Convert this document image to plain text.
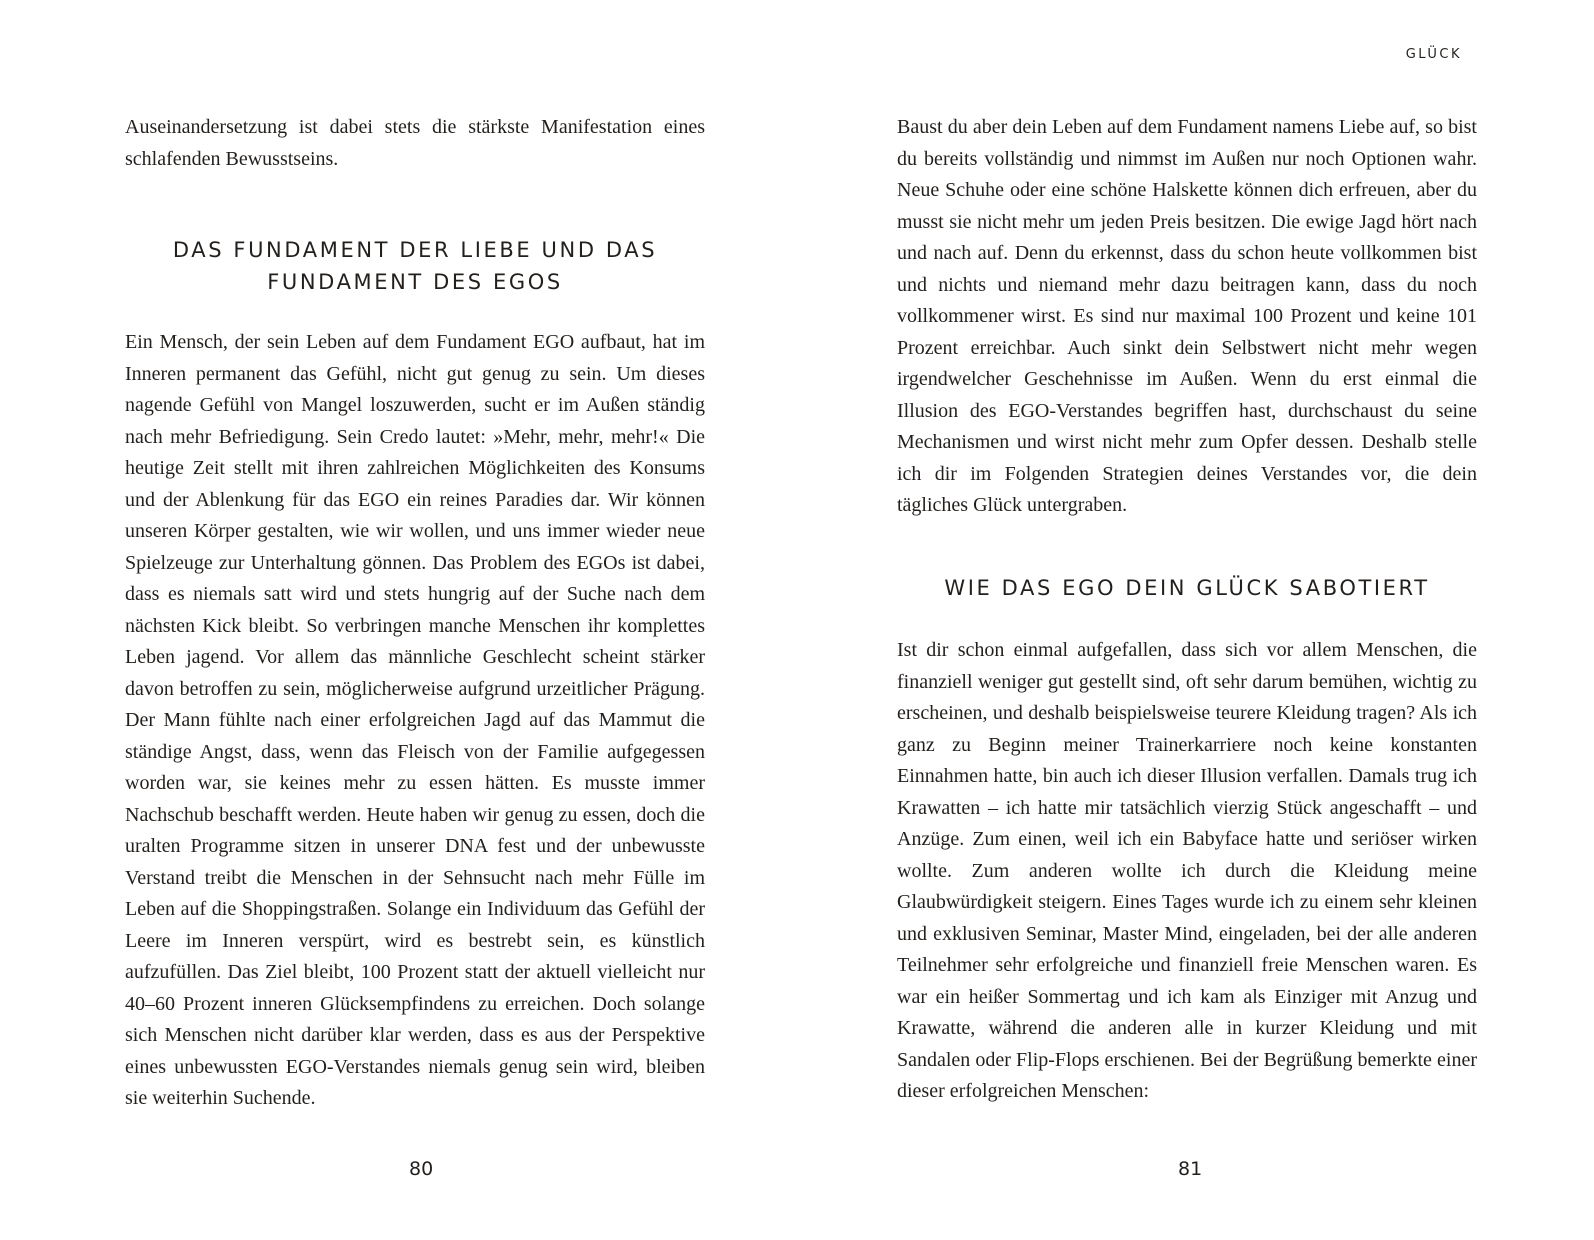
Auseinandersetzung ist dabei stets die stärkste Manifestation eines schlafenden Bewusstseins.

DAS FUNDAMENT DER LIEBE UND DAS
FUNDAMENT DES EGOS

Ein Mensch, der sein Leben auf dem Fundament EGO aufbaut, hat im Inneren permanent das Gefühl, nicht gut genug zu sein. Um dieses nagende Gefühl von Mangel loszuwerden, sucht er im Außen ständig nach mehr Befriedigung. Sein Credo lautet: »Mehr, mehr, mehr!« Die heutige Zeit stellt mit ihren zahlreichen Möglichkeiten des Konsums und der Ablenkung für das EGO ein reines Paradies dar. Wir können unseren Körper gestalten, wie wir wollen, und uns immer wieder neue Spielzeuge zur Unterhaltung gönnen. Das Problem des EGOs ist dabei, dass es niemals satt wird und stets hungrig auf der Suche nach dem nächsten Kick bleibt. So verbringen manche Menschen ihr komplettes Leben jagend. Vor allem das männliche Geschlecht scheint stärker davon betroffen zu sein, möglicherweise aufgrund urzeitlicher Prägung. Der Mann fühlte nach einer erfolgreichen Jagd auf das Mammut die ständige Angst, dass, wenn das Fleisch von der Familie aufgegessen worden war, sie keines mehr zu essen hätten. Es musste immer Nachschub beschafft werden. Heute haben wir genug zu essen, doch die uralten Programme sitzen in unserer DNA fest und der unbewusste Verstand treibt die Menschen in der Sehnsucht nach mehr Fülle im Leben auf die Shoppingstraßen. Solange ein Individuum das Gefühl der Leere im Inneren verspürt, wird es bestrebt sein, es künstlich aufzufüllen. Das Ziel bleibt, 100 Prozent statt der aktuell vielleicht nur 40–60 Prozent inneren Glücksempfindens zu erreichen. Doch solange sich Menschen nicht darüber klar werden, dass es aus der Perspektive eines unbewussten EGO-Verstandes niemals genug sein wird, bleiben sie weiterhin Suchende.

80
GLÜCK

Baust du aber dein Leben auf dem Fundament namens Liebe auf, so bist du bereits vollständig und nimmst im Außen nur noch Optionen wahr. Neue Schuhe oder eine schöne Halskette können dich erfreuen, aber du musst sie nicht mehr um jeden Preis besitzen. Die ewige Jagd hört nach und nach auf. Denn du erkennst, dass du schon heute vollkommen bist und nichts und niemand mehr dazu beitragen kann, dass du noch vollkommener wirst. Es sind nur maximal 100 Prozent und keine 101 Prozent erreichbar. Auch sinkt dein Selbstwert nicht mehr wegen irgendwelcher Geschehnisse im Außen. Wenn du erst einmal die Illusion des EGO-Verstandes begriffen hast, durchschaust du seine Mechanismen und wirst nicht mehr zum Opfer dessen. Deshalb stelle ich dir im Folgenden Strategien deines Verstandes vor, die dein tägliches Glück untergraben.

WIE DAS EGO DEIN GLÜCK SABOTIERT

Ist dir schon einmal aufgefallen, dass sich vor allem Menschen, die finanziell weniger gut gestellt sind, oft sehr darum bemühen, wichtig zu erscheinen, und deshalb beispielsweise teurere Kleidung tragen? Als ich ganz zu Beginn meiner Trainerkarriere noch keine konstanten Einnahmen hatte, bin auch ich dieser Illusion verfallen. Damals trug ich Krawatten – ich hatte mir tatsächlich vierzig Stück angeschafft – und Anzüge. Zum einen, weil ich ein Babyface hatte und seriöser wirken wollte. Zum anderen wollte ich durch die Kleidung meine Glaubwürdigkeit steigern. Eines Tages wurde ich zu einem sehr kleinen und exklusiven Seminar, Master Mind, eingeladen, bei der alle anderen Teilnehmer sehr erfolgreiche und finanziell freie Menschen waren. Es war ein heißer Sommertag und ich kam als Einziger mit Anzug und Krawatte, während die anderen alle in kurzer Kleidung und mit Sandalen oder Flip-Flops erschienen. Bei der Begrüßung bemerkte einer dieser erfolgreichen Menschen:

81
